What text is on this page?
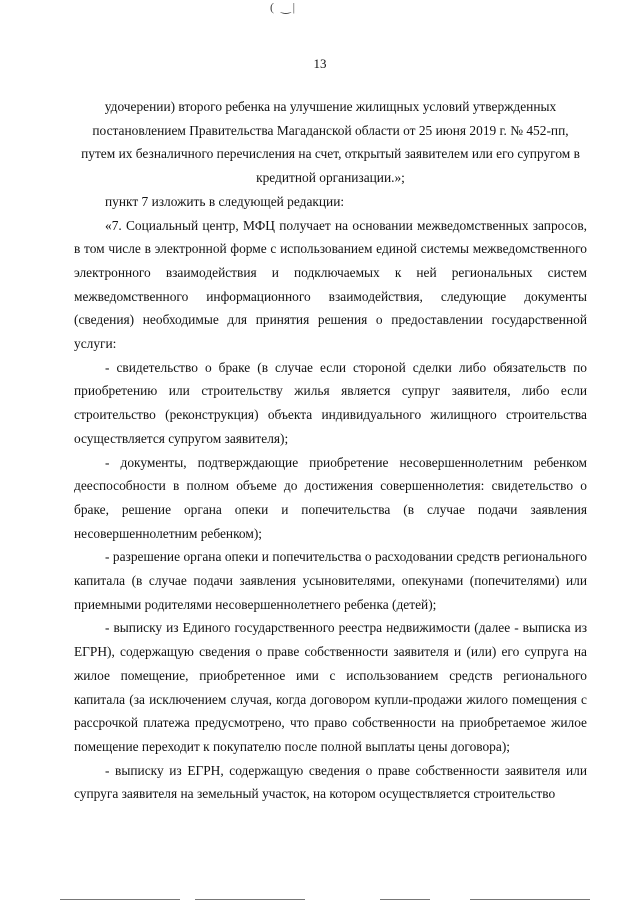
( ‿|
13

удочерении) второго ребенка на улучшение жилищных условий утвержденных постановлением Правительства Магаданской области от 25 июня 2019 г. № 452-пп, путем их безналичного перечисления на счет, открытый заявителем или его супругом в кредитной организации.»;

пункт 7 изложить в следующей редакции:

«7. Социальный центр, МФЦ получает на основании межведомственных запросов, в том числе в электронной форме с использованием единой системы межведомственного электронного взаимодействия и подключаемых к ней региональных систем межведомственного информационного взаимодействия, следующие документы (сведения) необходимые для принятия решения о предоставлении государственной услуги:

- свидетельство о браке (в случае если стороной сделки либо обязательств по приобретению или строительству жилья является супруг заявителя, либо если строительство (реконструкция) объекта индивидуального жилищного строительства осуществляется супругом заявителя);

- документы, подтверждающие приобретение несовершеннолетним ребенком дееспособности в полном объеме до достижения совершеннолетия: свидетельство о браке, решение органа опеки и попечительства (в случае подачи заявления несовершеннолетним ребенком);

- разрешение органа опеки и попечительства о расходовании средств регионального капитала (в случае подачи заявления усыновителями, опекунами (попечителями) или приемными родителями несовершеннолетнего ребенка (детей);

- выписку из Единого государственного реестра недвижимости (далее - выписка из ЕГРН), содержащую сведения о праве собственности заявителя и (или) его супруга на жилое помещение, приобретенное ими с использованием средств регионального капитала (за исключением случая, когда договором купли-продажи жилого помещения с рассрочкой платежа предусмотрено, что право собственности на приобретаемое жилое помещение переходит к покупателю после полной выплаты цены договора);

- выписку из ЕГРН, содержащую сведения о праве собственности заявителя или супруга заявителя на земельный участок, на котором осуществляется строительство
